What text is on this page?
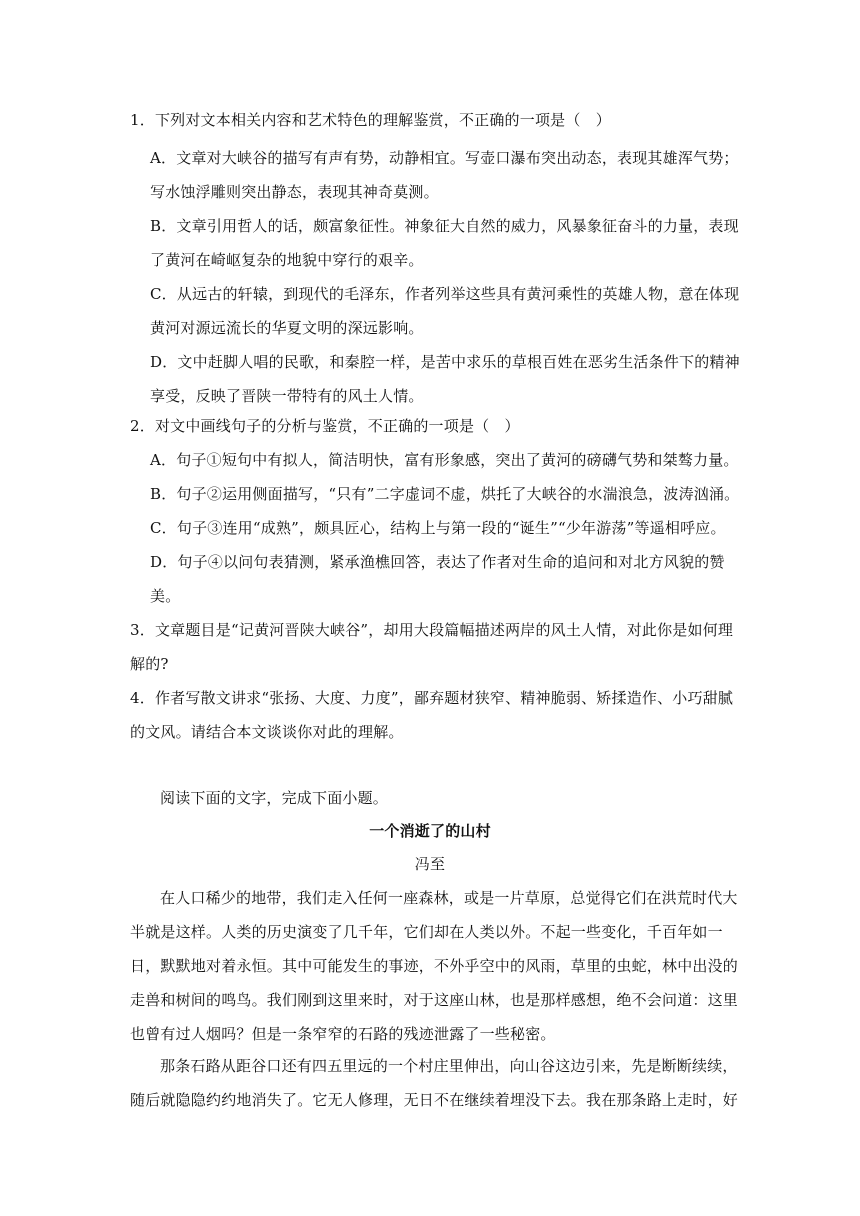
1．下列对文本相关内容和艺术特色的理解鉴赏，不正确的一项是（　）

A．文章对大峡谷的描写有声有势，动静相宜。写壶口瀑布突出动态，表现其雄浑气势；写水蚀浮雕则突出静态，表现其神奇莫测。

B．文章引用哲人的话，颇富象征性。神象征大自然的威力，风暴象征奋斗的力量，表现了黄河在崎岖复杂的地貌中穿行的艰辛。

C．从远古的轩辕，到现代的毛泽东，作者列举这些具有黄河乘性的英雄人物，意在体现黄河对源远流长的华夏文明的深远影响。

D．文中赶脚人唱的民歌，和秦腔一样，是苦中求乐的草根百姓在恶劣生活条件下的精神享受，反映了晋陕一带特有的风土人情。

2．对文中画线句子的分析与鉴赏，不正确的一项是（　）

A．句子①短句中有拟人，简洁明快，富有形象感，突出了黄河的磅礴气势和桀骜力量。

B．句子②运用侧面描写，“只有”二字虚词不虚，烘托了大峡谷的水湍浪急，波涛汹涌。

C．句子③连用“成熟”，颇具匠心，结构上与第一段的“诞生”“少年游荡”等遥相呼应。

D．句子④以问句表猜测，紧承渔樵回答，表达了作者对生命的追问和对北方风貌的赞美。

3．文章题目是“记黄河晋陕大峡谷”，却用大段篇幅描述两岸的风土人情，对此你是如何理解的?

4．作者写散文讲求“张扬、大度、力度”，鄙弃题材狭窄、精神脆弱、矫揉造作、小巧甜腻的文风。请结合本文谈谈你对此的理解。

阅读下面的文字，完成下面小题。

一个消逝了的山村

冯至

在人口稀少的地带，我们走入任何一座森林，或是一片草原，总觉得它们在洪荒时代大半就是这样。人类的历史演变了几千年，它们却在人类以外。不起一些变化，千百年如一日，默默地对着永恒。其中可能发生的事迹，不外乎空中的风雨，草里的虫蛇，林中出没的走兽和树间的鸣鸟。我们刚到这里来时，对于这座山林，也是那样感想，绝不会问道：这里也曾有过人烟吗？但是一条窄窄的石路的残迹泄露了一些秘密。

那条石路从距谷口还有四五里远的一个村庄里伸出，向山谷这边引来，先是断断续续，随后就隐隐约约地消失了。它无人修理，无日不在继续着埋没下去。我在那条路上走时，好
